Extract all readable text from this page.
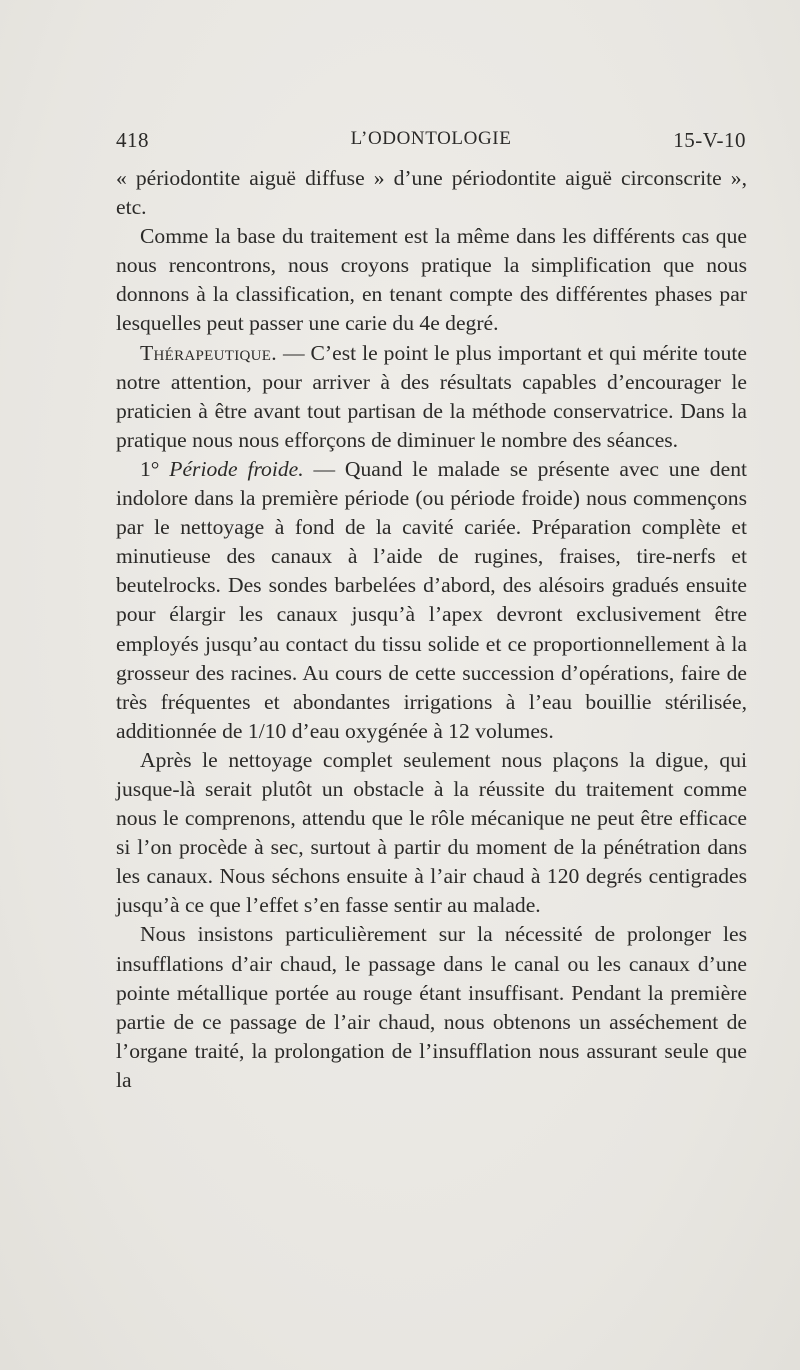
418	L’ODONTOLOGIE	15-V-10

« périodontite aiguë diffuse » d’une périodontite aiguë circonscrite », etc.

Comme la base du traitement est la même dans les différents cas que nous rencontrons, nous croyons pratique la simplification que nous donnons à la classification, en tenant compte des différentes phases par lesquelles peut passer une carie du 4e degré.

Thérapeutique. — C’est le point le plus important et qui mérite toute notre attention, pour arriver à des résultats capables d’encourager le praticien à être avant tout partisan de la méthode conservatrice. Dans la pratique nous nous efforçons de diminuer le nombre des séances.

1° Période froide. — Quand le malade se présente avec une dent indolore dans la première période (ou période froide) nous commençons par le nettoyage à fond de la cavité cariée. Préparation complète et minutieuse des canaux à l’aide de rugines, fraises, tire-nerfs et beutelrocks. Des sondes barbelées d’abord, des alésoirs gradués ensuite pour élargir les canaux jusqu’à l’apex devront exclusivement être employés jusqu’au contact du tissu solide et ce proportionnellement à la grosseur des racines. Au cours de cette succession d’opérations, faire de très fréquentes et abondantes irrigations à l’eau bouillie stérilisée, additionnée de 1/10 d’eau oxygénée à 12 volumes.

Après le nettoyage complet seulement nous plaçons la digue, qui jusque-là serait plutôt un obstacle à la réussite du traitement comme nous le comprenons, attendu que le rôle mécanique ne peut être efficace si l’on procède à sec, surtout à partir du moment de la pénétration dans les canaux. Nous séchons ensuite à l’air chaud à 120 degrés centigrades jusqu’à ce que l’effet s’en fasse sentir au malade.

Nous insistons particulièrement sur la nécessité de prolonger les insufflations d’air chaud, le passage dans le canal ou les canaux d’une pointe métallique portée au rouge étant insuffisant. Pendant la première partie de ce passage de l’air chaud, nous obtenons un asséchement de l’organe traité, la prolongation de l’insufflation nous assurant seule que la
